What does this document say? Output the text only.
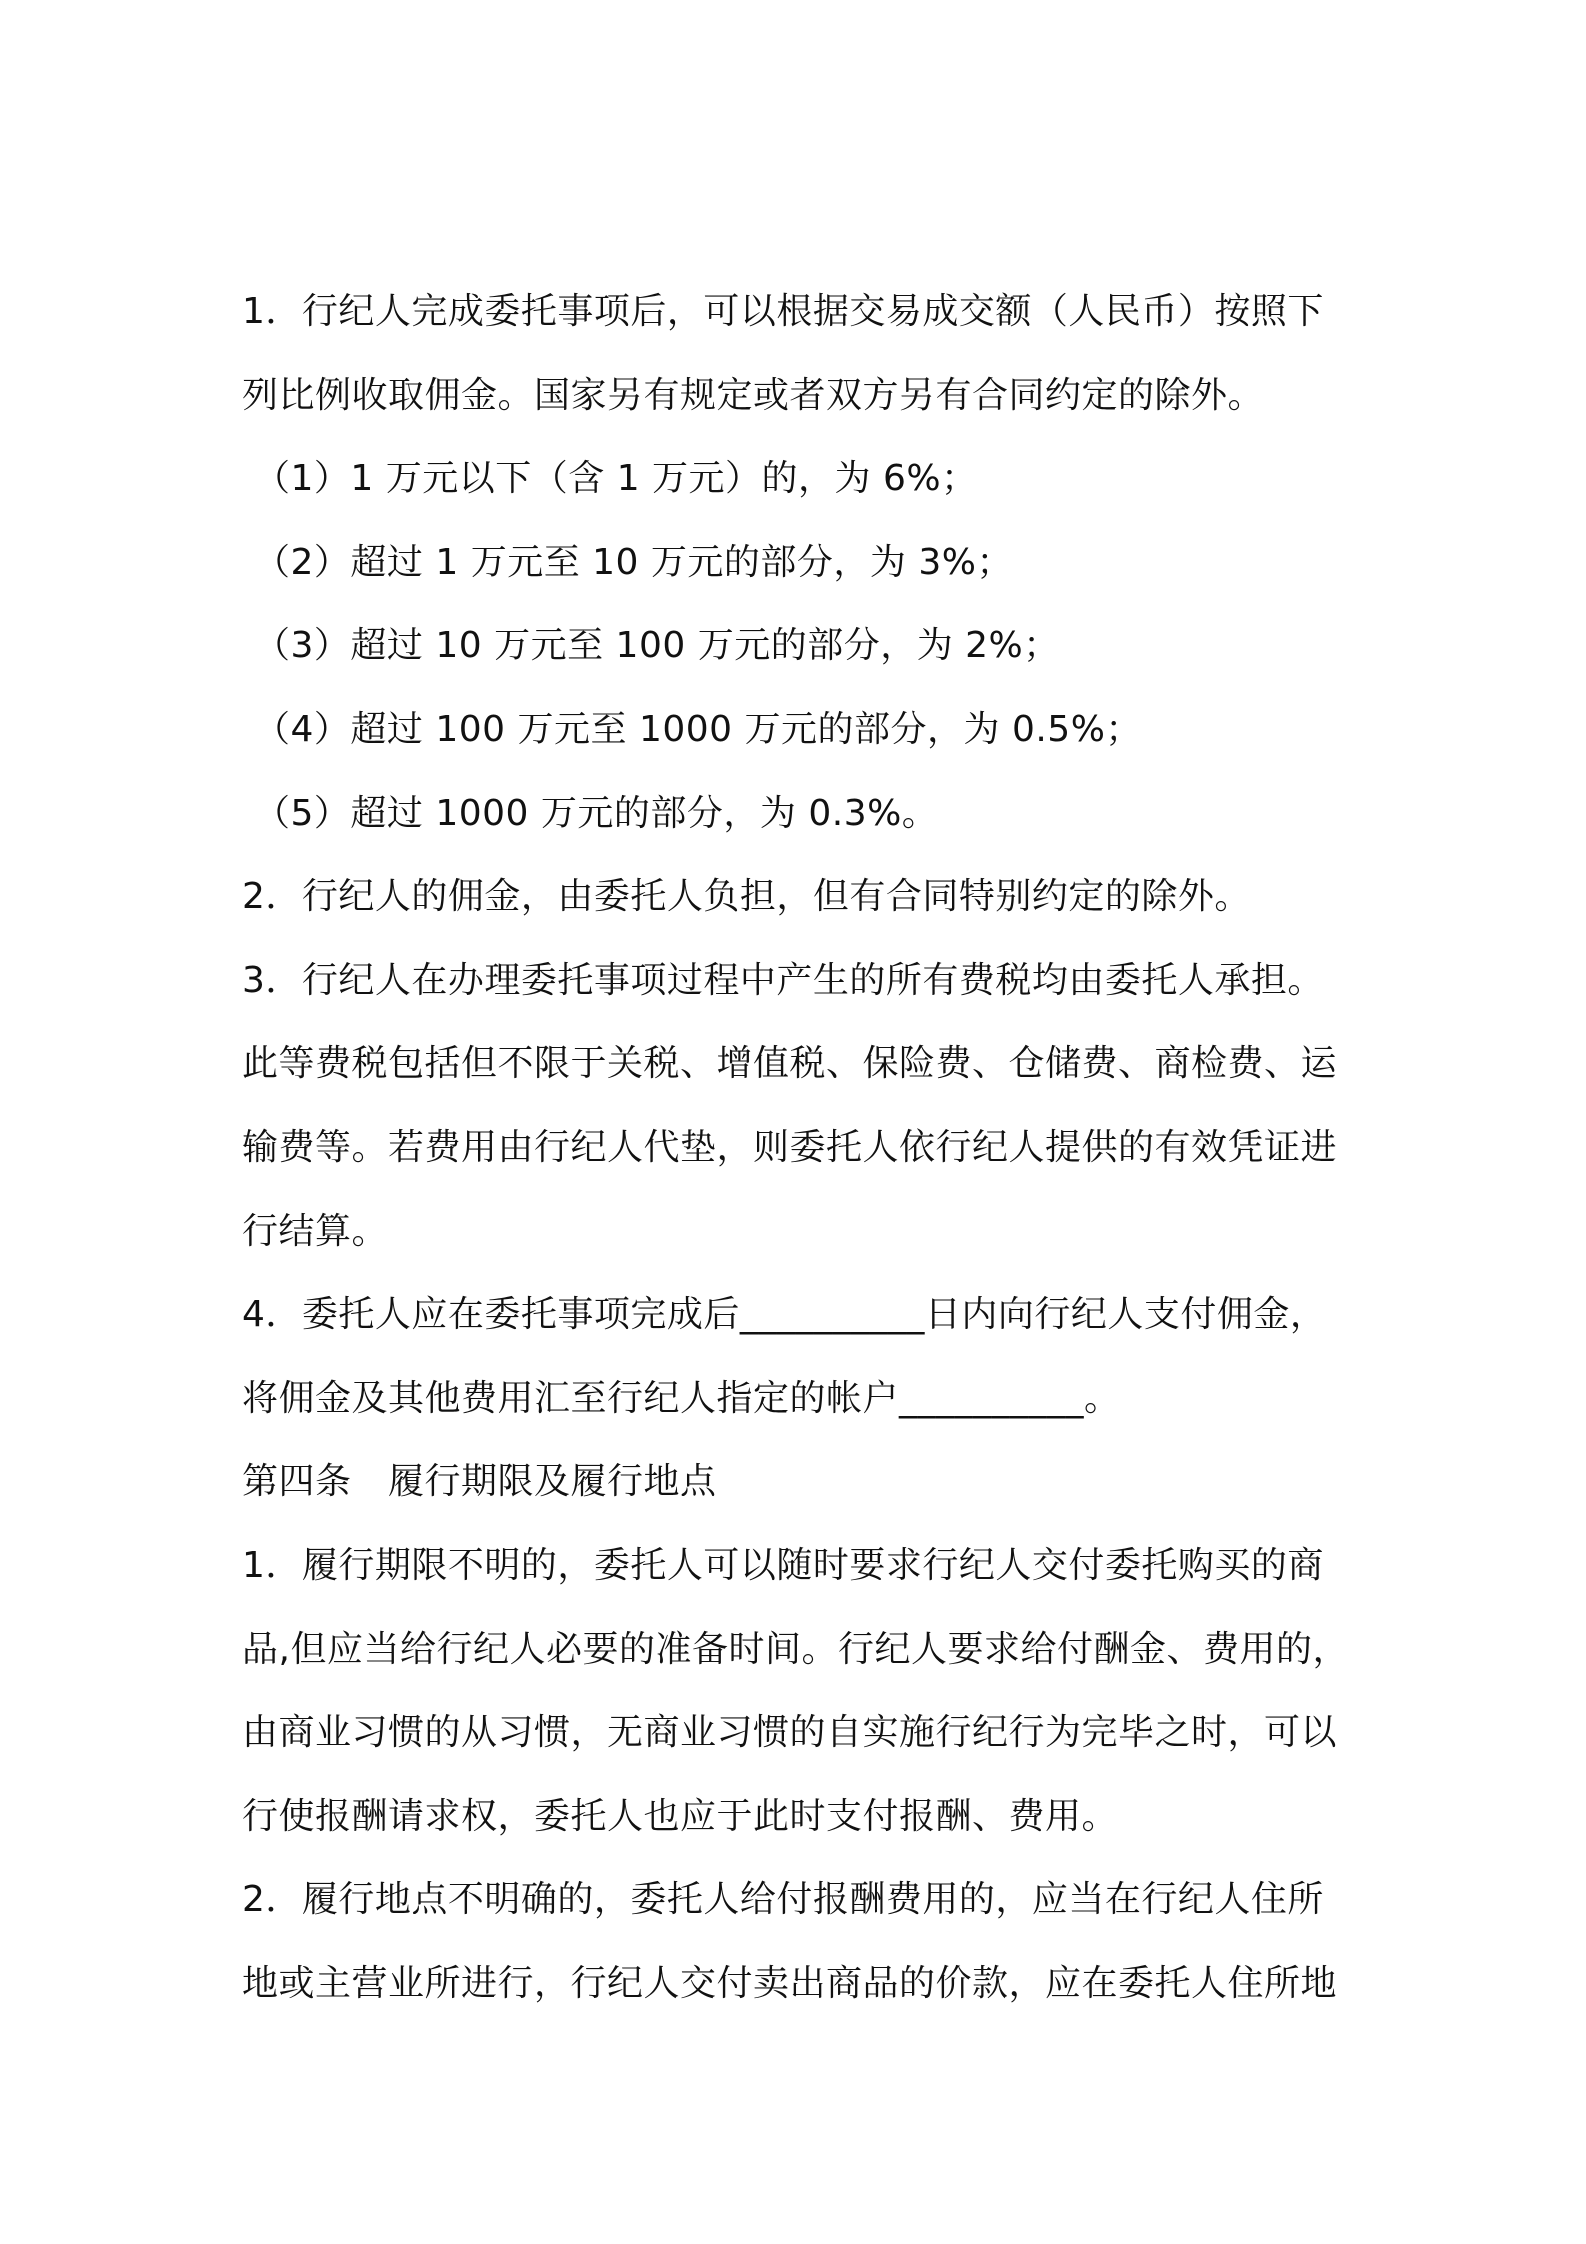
1．行纪人完成委托事项后，可以根据交易成交额（人民币）按照下
列比例收取佣金。国家另有规定或者双方另有合同约定的除外。
（1）1 万元以下（含 1 万元）的，为 6%；
（2）超过 1 万元至 10 万元的部分，为 3%；
（3）超过 10 万元至 100 万元的部分，为 2%；
（4）超过 100 万元至 1000 万元的部分，为 0.5%；
（5）超过 1000 万元的部分，为 0.3%。
2．行纪人的佣金，由委托人负担，但有合同特别约定的除外。
3．行纪人在办理委托事项过程中产生的所有费税均由委托人承担。
此等费税包括但不限于关税、增值税、保险费、仓储费、商检费、运
输费等。若费用由行纪人代垫，则委托人依行纪人提供的有效凭证进
行结算。
4．委托人应在委托事项完成后__________日内向行纪人支付佣金，
将佣金及其他费用汇至行纪人指定的帐户__________。
第四条　履行期限及履行地点
1．履行期限不明的，委托人可以随时要求行纪人交付委托购买的商
品,但应当给行纪人必要的准备时间。行纪人要求给付酬金、费用的，
由商业习惯的从习惯，无商业习惯的自实施行纪行为完毕之时，可以
行使报酬请求权，委托人也应于此时支付报酬、费用。
2．履行地点不明确的，委托人给付报酬费用的，应当在行纪人住所
地或主营业所进行，行纪人交付卖出商品的价款，应在委托人住所地
